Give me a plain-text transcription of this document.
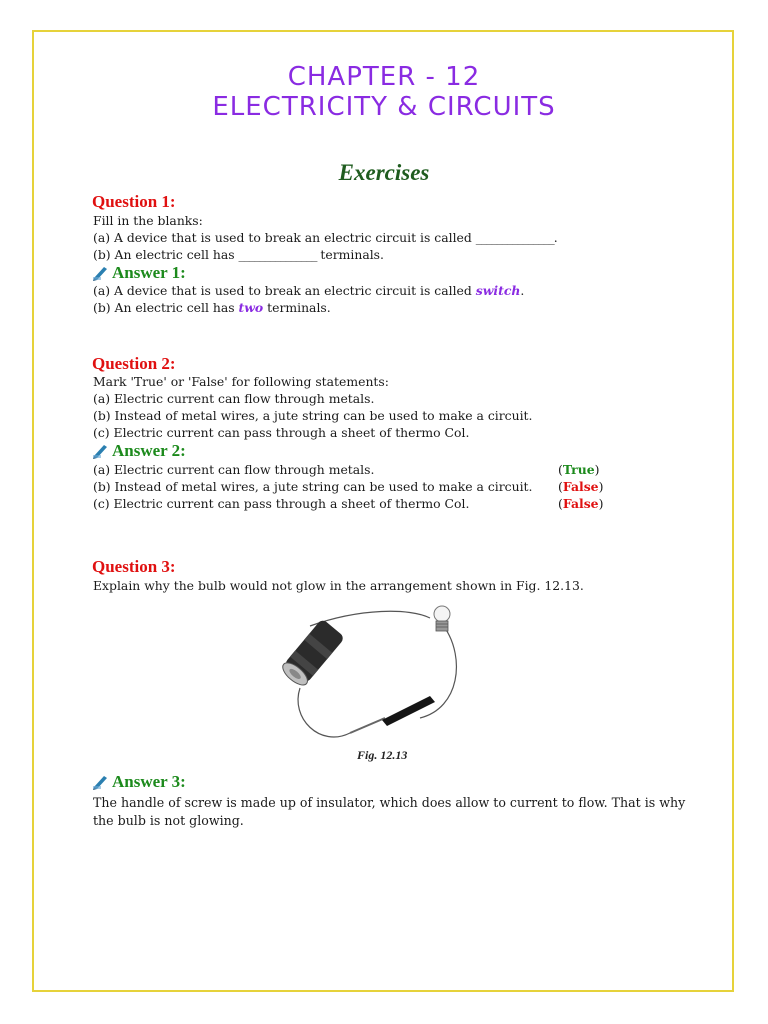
CHAPTER - 12
ELECTRICITY & CIRCUITS
Exercises
Question 1:
Fill in the blanks:
(a) A device that is used to break an electric circuit is called _______________.
(b) An electric cell has _______________ terminals.
Answer 1:
(a) A device that is used to break an electric circuit is called switch.
(b) An electric cell has two terminals.
Question 2:
Mark 'True' or 'False' for following statements:
(a) Electric current can flow through metals.
(b) Instead of metal wires, a jute string can be used to make a circuit.
(c) Electric current can pass through a sheet of thermo Col.
Answer 2:
(a) Electric current can flow through metals.	(True)
(b) Instead of metal wires, a jute string can be used to make a circuit. (False)
(c) Electric current can pass through a sheet of thermo Col.	(False)
Question 3:
Explain why the bulb would not glow in the arrangement shown in Fig. 12.13.
Fig. 12.13
Answer 3:
The handle of screw is made up of insulator, which does allow to current to flow. That is why the bulb is not glowing.
